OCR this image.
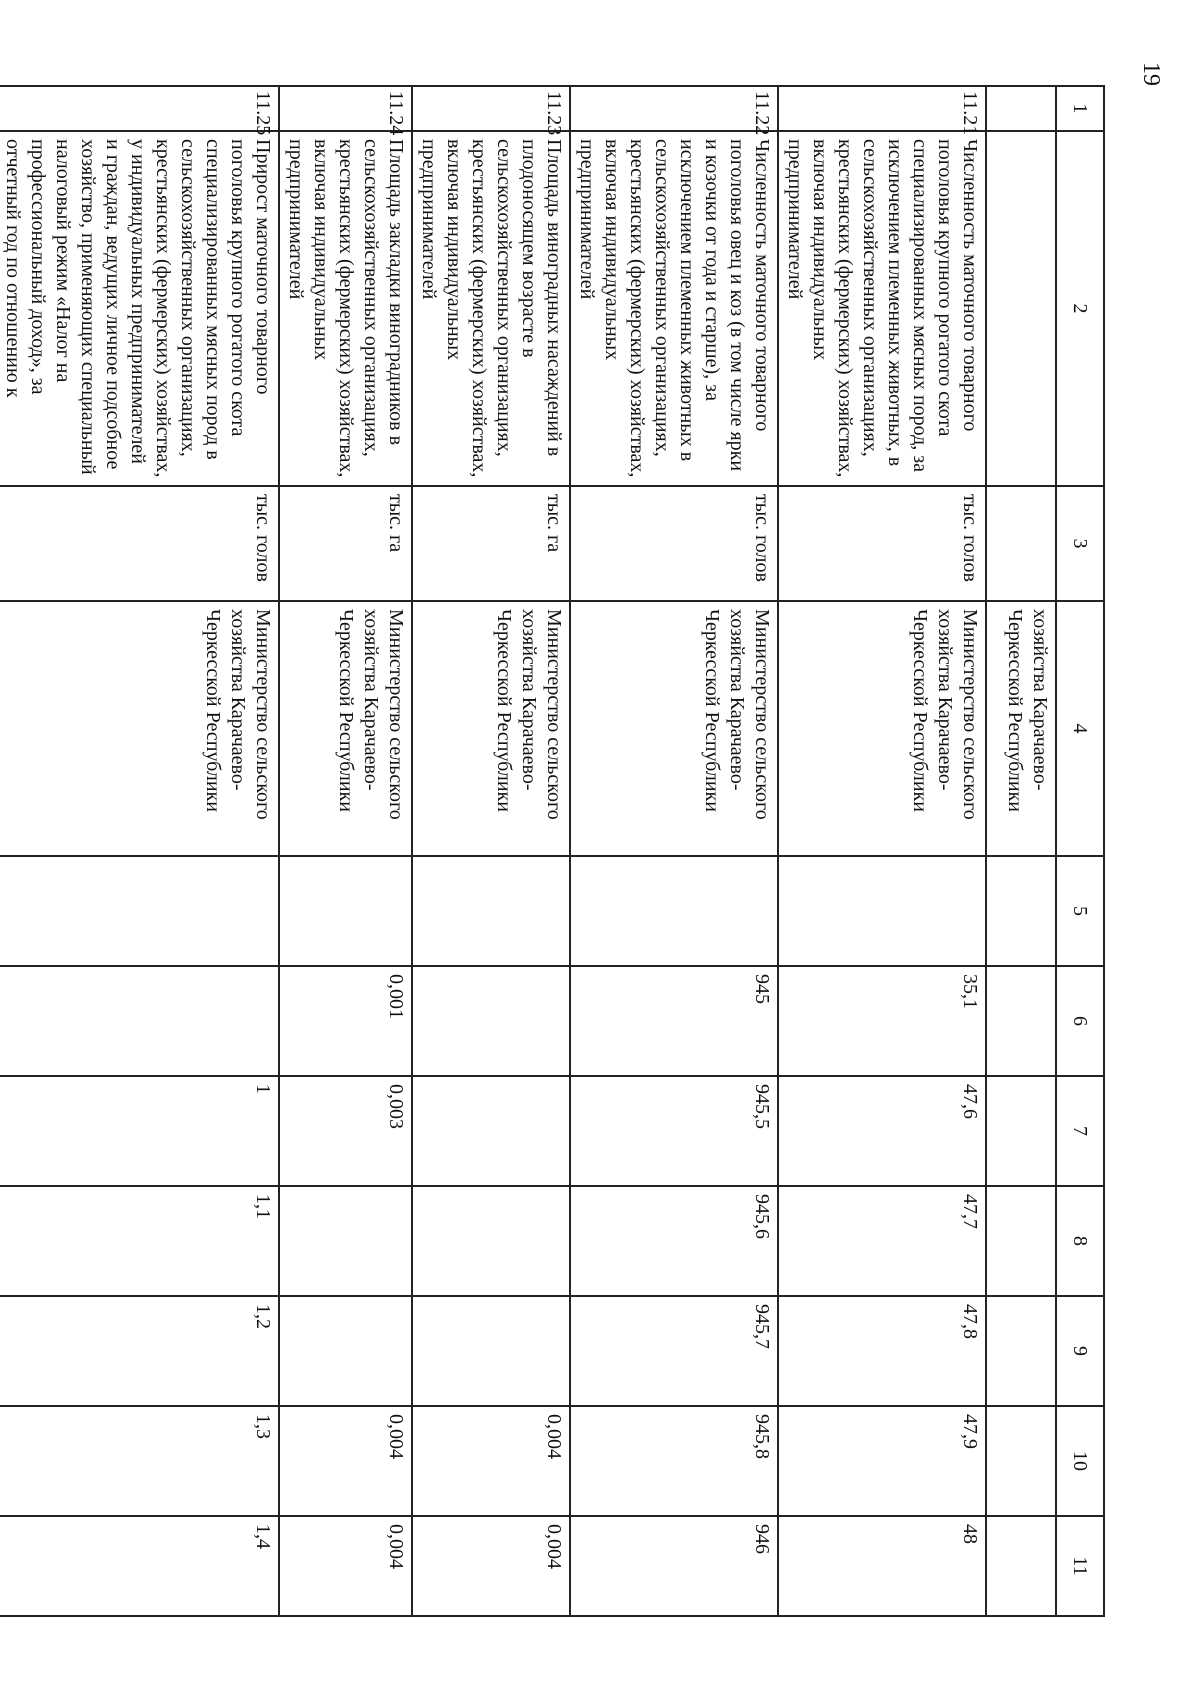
19
1	2	3	4	5	6	7	8	9	10	11
			хозяйства Карачаево-Черкесской Республики							
11.21	Численность маточного товарного поголовья крупного рогатого скота специализированных мясных пород, за исключением племенных животных, в сельскохозяйственных организациях, крестьянских (фермерских) хозяйствах, включая индивидуальных предпринимателей	тыс. голов	Министерство сельского хозяйства Карачаево-Черкесской Республики		35,1	47,6	47,7	47,8	47,9	48
11.22	Численность маточного товарного поголовья овец и коз (в том числе ярки и козочки от года и старше), за исключением племенных животных в сельскохозяйственных организациях, крестьянских (фермерских) хозяйствах, включая индивидуальных предпринимателей	тыс. голов	Министерство сельского хозяйства Карачаево-Черкесской Республики		945	945,5	945,6	945,7	945,8	946
11.23	Площадь виноградных насаждений в плодоносящем возрасте в сельскохозяйственных организациях, крестьянских (фермерских) хозяйствах, включая индивидуальных предпринимателей	тыс. га	Министерство сельского хозяйства Карачаево-Черкесской Республики						0,004	0,004
11.24	Площадь закладки виноградников в сельскохозяйственных организациях, крестьянских (фермерских) хозяйствах, включая индивидуальных предпринимателей	тыс. га	Министерство сельского хозяйства Карачаево-Черкесской Республики		0,001	0,003			0,004	0,004
11.25	Прирост маточного товарного поголовья крупного рогатого скота специализированных мясных пород в сельскохозяйственных организациях, крестьянских (фермерских) хозяйствах, у индивидуальных предпринимателей и граждан, ведущих личное подсобное хозяйство, применяющих специальный налоговый режим «Налог на профессиональный доход», за отчетный год по отношению к	тыс. голов	Министерство сельского хозяйства Карачаево-Черкесской Республики			1	1,1	1,2	1,3	1,4
